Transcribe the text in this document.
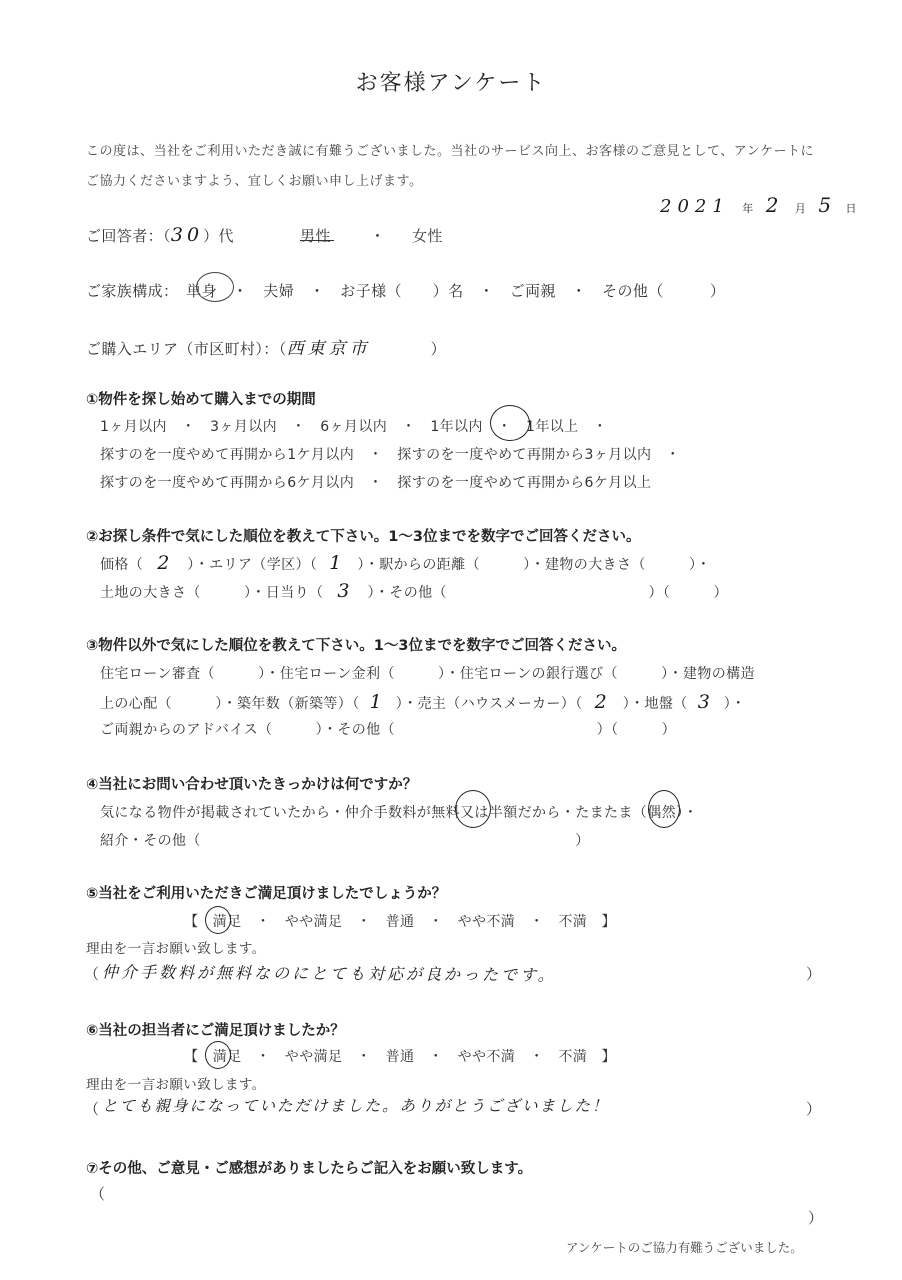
お客様アンケート
この度は、当社をご利用いただき誠に有難うございました。当社のサービス向上、お客様のご意見として、アンケートに
ご協力くださいますよう、宜しくお願い申し上げます。
2021 年 2 月 5 日
ご回答者：（30）代	男性	・ 女性
ご家族構成：　単身　・　夫婦　・　お子様（　　）名　・　ご両親　・　その他（　　　）
ご購入エリア（市区町村）：（西東京市	）
①物件を探し始めて購入までの期間
1ヶ月以内　・　3ヶ月以内　・　6ヶ月以内　・　1年以内　・　1年以上　・
探すのを一度やめて再開から1ケ月以内　・　探すのを一度やめて再開から3ヶ月以内　・
探すのを一度やめて再開から6ケ月以内　・　探すのを一度やめて再開から6ケ月以上
②お探し条件で気にした順位を教えて下さい。1～3位までを数字でご回答ください。
価格（ 2 ）・エリア（学区）（ 1 ）・駅からの距離（　　　）・建物の大きさ（　　　）・
土地の大きさ（　　　）・日当り（ 3 ）・その他（　　　　　　　　　　　　　　）（　　　）
③物件以外で気にした順位を教えて下さい。1～3位までを数字でご回答ください。
住宅ローン審査（　　　）・住宅ローン金利（　　　）・住宅ローンの銀行選び（　　　）・建物の構造
上の心配（　　　）・築年数（新築等）（ 1 ）・売主（ハウスメーカー）（ 2 ）・地盤（ 3 ）・
ご両親からのアドバイス（　　　）・その他（　　　　　　　　　　　　　　）（　　　）
④当社にお問い合わせ頂いたきっかけは何ですか？
気になる物件が掲載されていたから・仲介手数料が無料又は半額だから・たまたま（偶然）・
紹介・その他（　　　　　　　　　　　　　　　　　　　　　　　　　　）
⑤当社をご利用いただきご満足頂けましたでしょうか？
【　満足　・　やや満足　・　普通　・　やや不満　・　不満　】
理由を一言お願い致します。
（ 仲介手数料が無料なのにとても対応が良かったです。	）
⑥当社の担当者にご満足頂けましたか？
【　満足　・　やや満足　・　普通　・　やや不満　・　不満　】
理由を一言お願い致します。
（ とても親身になっていただけました。ありがとうございました！	）
⑦その他、ご意見・ご感想がありましたらご記入をお願い致します。
（
）
アンケートのご協力有難うございました。
